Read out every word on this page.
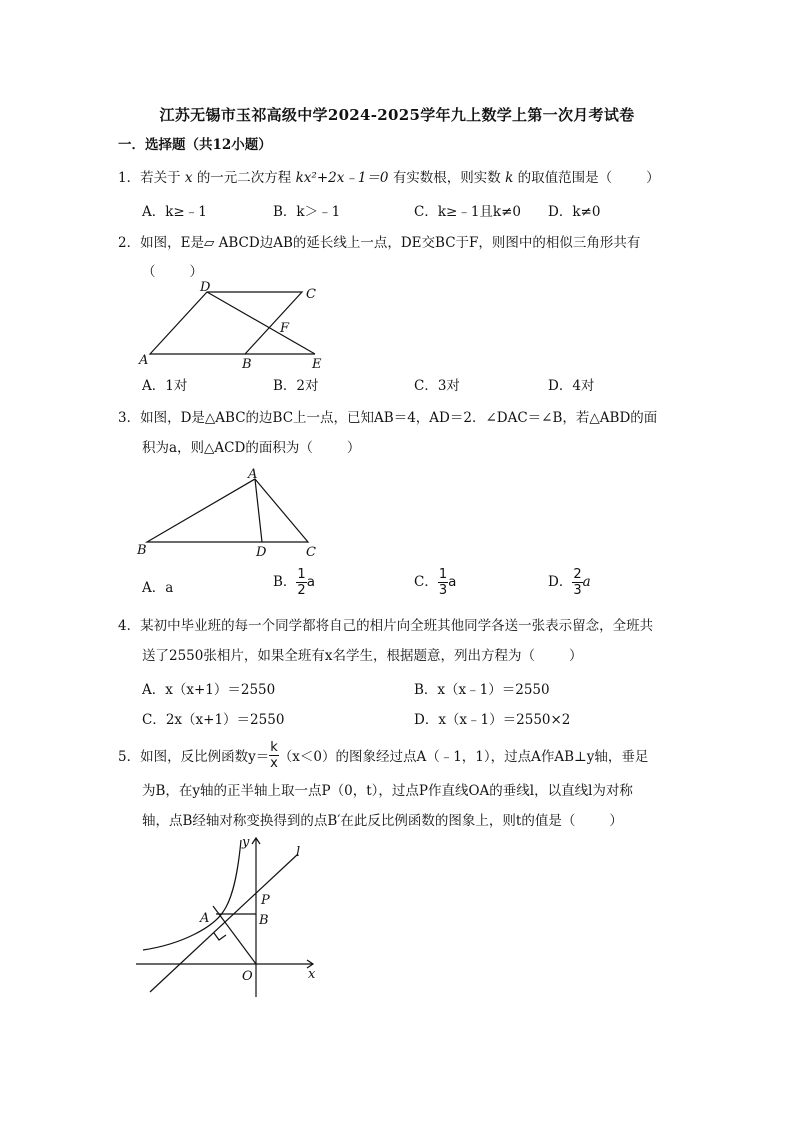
江苏无锡市玉祁高级中学2024-2025学年九上数学上第一次月考试卷
一．选择题（共12小题）
1．若关于 x 的一元二次方程 kx²+2x﹣1＝0 有实数根，则实数 k 的取值范围是（	）
A．k≥﹣1	B．k＞﹣1	C．k≥﹣1且k≠0 D．k≠0
2．如图，E是▱ ABCD边AB的延长线上一点，DE交BC于F，则图中的相似三角形共有
（	）
A	B
C
D
E
F
A．1对	B．2对	C．3对	D．4对
3．如图，D是△ABC的边BC上一点，已知AB＝4，AD＝2．∠DAC＝∠B，若△ABD的面
积为a，则△ACD的面积为（	）
A
B	C
D
A．a	B． $\frac{1}{2}$ a	C． $\frac{1}{3}$ a	D． $\frac{2}{3}$ a
4．某初中毕业班的每一个同学都将自己的相片向全班其他同学各送一张表示留念，全班共
送了2550张相片，如果全班有x名学生，根据题意，列出方程为（	）
A．x（x+1）＝2550	B．x（x﹣1）＝2550
C．2x（x+1）＝2550	D．x（x﹣1）＝2550×2
5．如图，反比例函数$y= \frac{k}{x} (x<0)$的图象经过点A（﹣1，1），过点A作AB⊥y轴，垂足
为B，在y轴的正半轴上取一点P（0，t），过点P作直线OA的垂线l，以直线l为对称
轴，点B经轴对称变换得到的点B′在此反比例函数的图象上，则t的值是（	）
y
x
l
A	B
P
O
